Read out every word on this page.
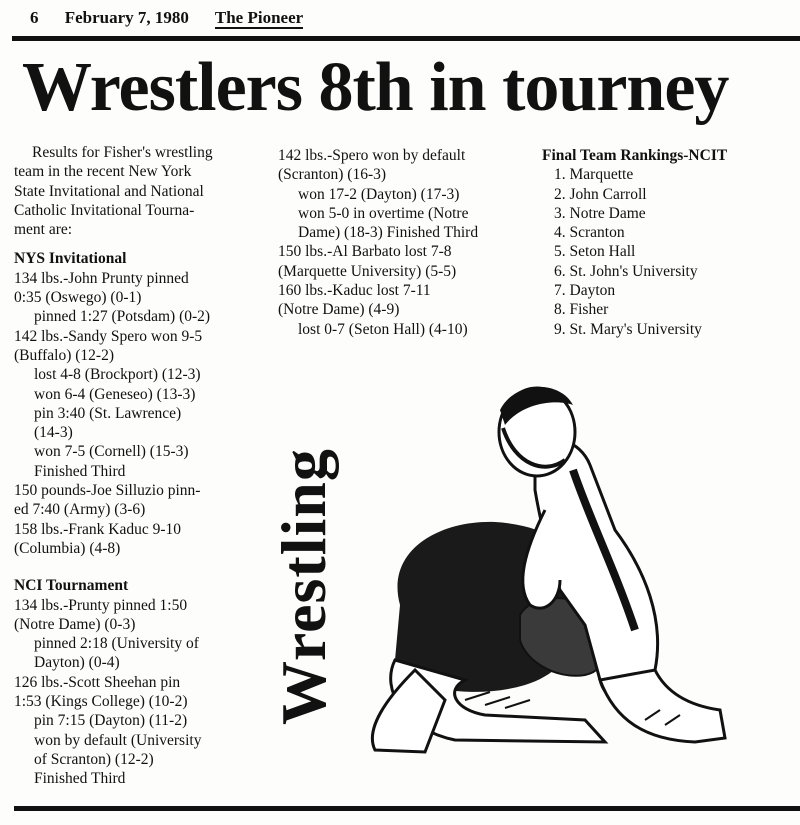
6 February 7, 1980 The Pioneer
Wrestlers 8th in tourney

Results for Fisher's wrestling

team in the recent New York

State Invitational and National

Catholic Invitational Tourna-

ment are:

NYS Invitational

134 lbs.-John Prunty pinned

0:35 (Oswego) (0-1)

pinned 1:27 (Potsdam) (0-2)

142 lbs.-Sandy Spero won 9-5

(Buffalo) (12-2)

lost 4-8 (Brockport) (12-3)

won 6-4 (Geneseo) (13-3)

pin 3:40 (St. Lawrence)

(14-3)

won 7-5 (Cornell) (15-3)

Finished Third

150 pounds-Joe Silluzio pinn-

ed 7:40 (Army) (3-6)

158 lbs.-Frank Kaduc 9-10

(Columbia) (4-8)

NCI Tournament

134 lbs.-Prunty pinned 1:50

(Notre Dame) (0-3)

pinned 2:18 (University of

Dayton) (0-4)

126 lbs.-Scott Sheehan pin

1:53 (Kings College) (10-2)

pin 7:15 (Dayton) (11-2)

won by default (University

of Scranton) (12-2)

Finished Third

142 lbs.-Spero won by default

(Scranton) (16-3)

won 17-2 (Dayton) (17-3)

won 5-0 in overtime (Notre

Dame) (18-3) Finished Third

150 lbs.-Al Barbato lost 7-8

(Marquette University) (5-5)

160 lbs.-Kaduc lost 7-11

(Notre Dame) (4-9)

lost 0-7 (Seton Hall) (4-10)

Final Team Rankings-NCIT

1. Marquette

2. John Carroll

3. Notre Dame

4. Scranton

5. Seton Hall

6. St. John's University

7. Dayton

8. Fisher

9. St. Mary's University

Wrestling
